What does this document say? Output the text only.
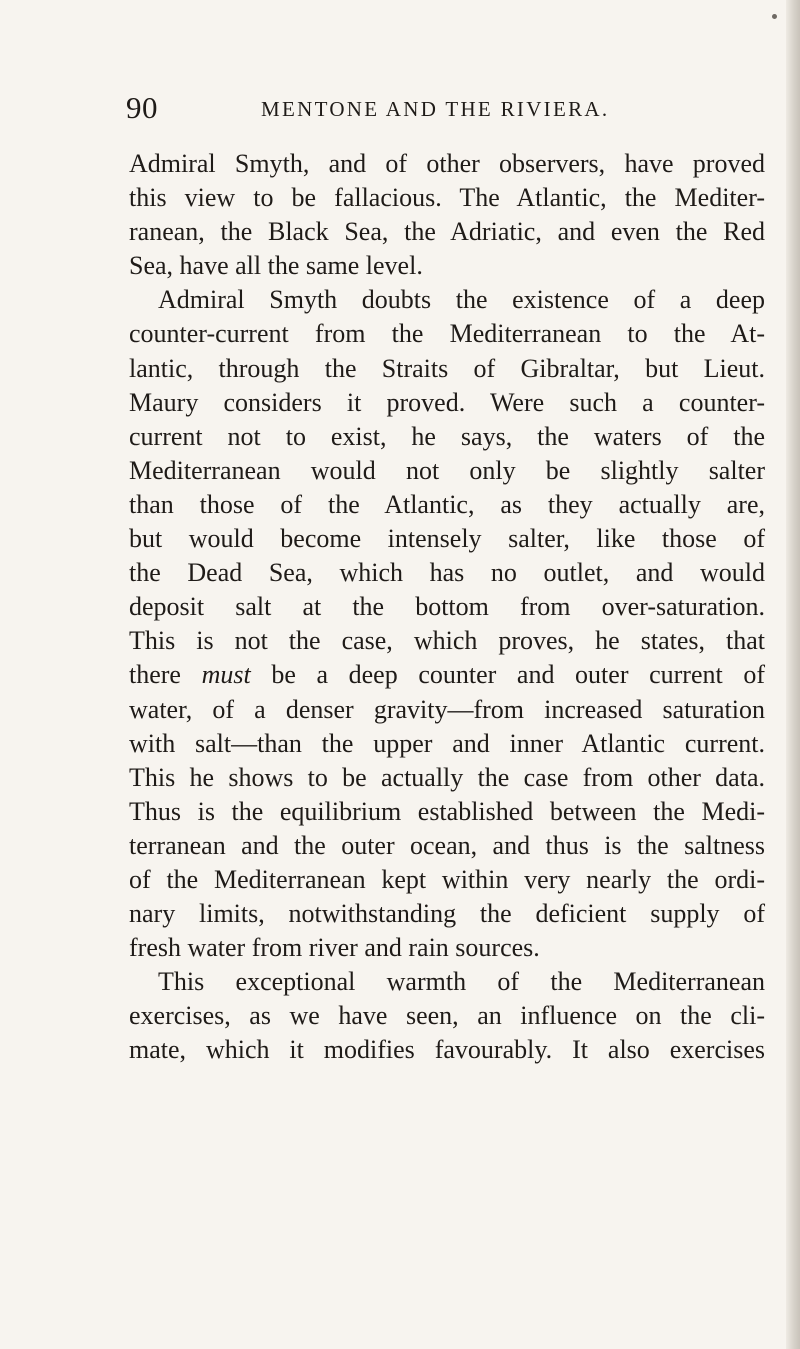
90	MENTONE AND THE RIVIERA.
Admiral Smyth, and of other observers, have proved
this view to be fallacious. The Atlantic, the Mediter-
ranean, the Black Sea, the Adriatic, and even the Red
Sea, have all the same level.
Admiral Smyth doubts the existence of a deep
counter-current from the Mediterranean to the At-
lantic, through the Straits of Gibraltar, but Lieut.
Maury considers it proved. Were such a counter-
current not to exist, he says, the waters of the
Mediterranean would not only be slightly salter
than those of the Atlantic, as they actually are,
but would become intensely salter, like those of
the Dead Sea, which has no outlet, and would
deposit salt at the bottom from over-saturation.
This is not the case, which proves, he states, that
there must be a deep counter and outer current of
water, of a denser gravity—from increased saturation
with salt—than the upper and inner Atlantic current.
This he shows to be actually the case from other data.
Thus is the equilibrium established between the Medi-
terranean and the outer ocean, and thus is the saltness
of the Mediterranean kept within very nearly the ordi-
nary limits, notwithstanding the deficient supply of
fresh water from river and rain sources.
This exceptional warmth of the Mediterranean
exercises, as we have seen, an influence on the cli-
mate, which it modifies favourably. It also exercises
